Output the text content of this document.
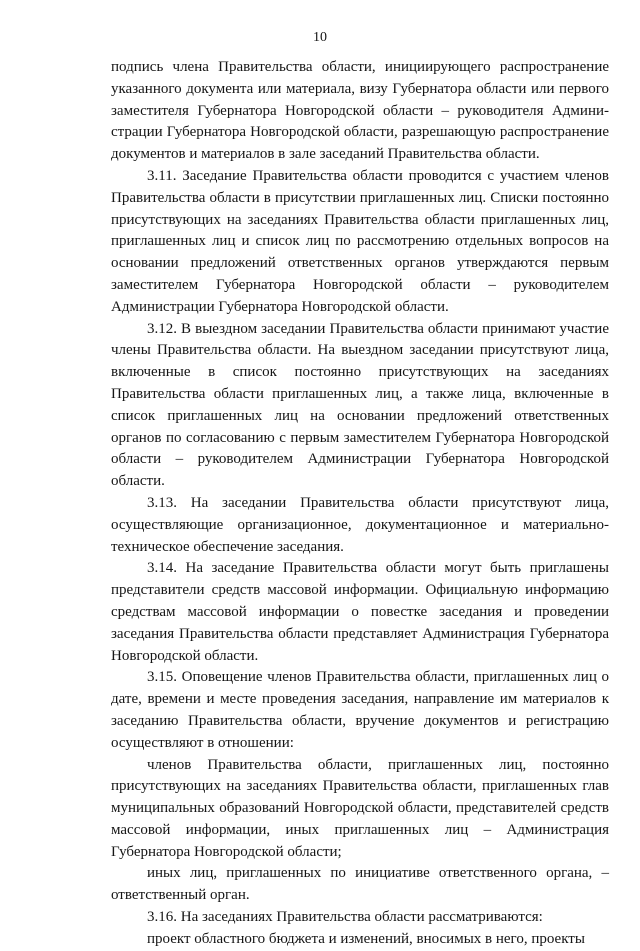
10

подпись члена Правительства области, инициирующего распространение указанного документа или материала, визу Губернатора области или первого заместителя Губернатора Новгородской области – руководителя Администрации Губернатора Новгородской области, разрешающую распространение документов и материалов в зале заседаний Правительства области.

3.11. Заседание Правительства области проводится с участием членов Правительства области в присутствии приглашенных лиц. Списки постоянно присутствующих на заседаниях Правительства области приглашенных лиц, приглашенных лиц и список лиц по рассмотрению отдельных вопросов на основании предложений ответственных органов утверждаются первым заместителем Губернатора Новгородской области – руководителем Администрации Губернатора Новгородской области.

3.12. В выездном заседании Правительства области принимают участие члены Правительства области. На выездном заседании присутствуют лица, включенные в список постоянно присутствующих на заседаниях Правительства области приглашенных лиц, а также лица, включенные в список приглашенных лиц на основании предложений ответственных органов по согласованию с первым заместителем Губернатора Новгородской области – руководителем Администрации Губернатора Новгородской области.

3.13. На заседании Правительства области присутствуют лица, осуществляющие организационное, документационное и материально-техническое обеспечение заседания.

3.14. На заседание Правительства области могут быть приглашены представители средств массовой информации. Официальную информацию средствам массовой информации о повестке заседания и проведении заседания Правительства области представляет Администрация Губернатора Новгородской области.

3.15. Оповещение членов Правительства области, приглашенных лиц о дате, времени и месте проведения заседания, направление им материалов к заседанию Правительства области, вручение документов и регистрацию осуществляют в отношении:

членов Правительства области, приглашенных лиц, постоянно присутствующих на заседаниях Правительства области, приглашенных глав муниципальных образований Новгородской области, представителей средств массовой информации, иных приглашенных лиц – Администрация Губернатора Новгородской области;

иных лиц, приглашенных по инициативе ответственного органа, – ответственный орган.

3.16. На заседаниях Правительства области рассматриваются:

проект областного бюджета и изменений, вносимых в него, проекты
